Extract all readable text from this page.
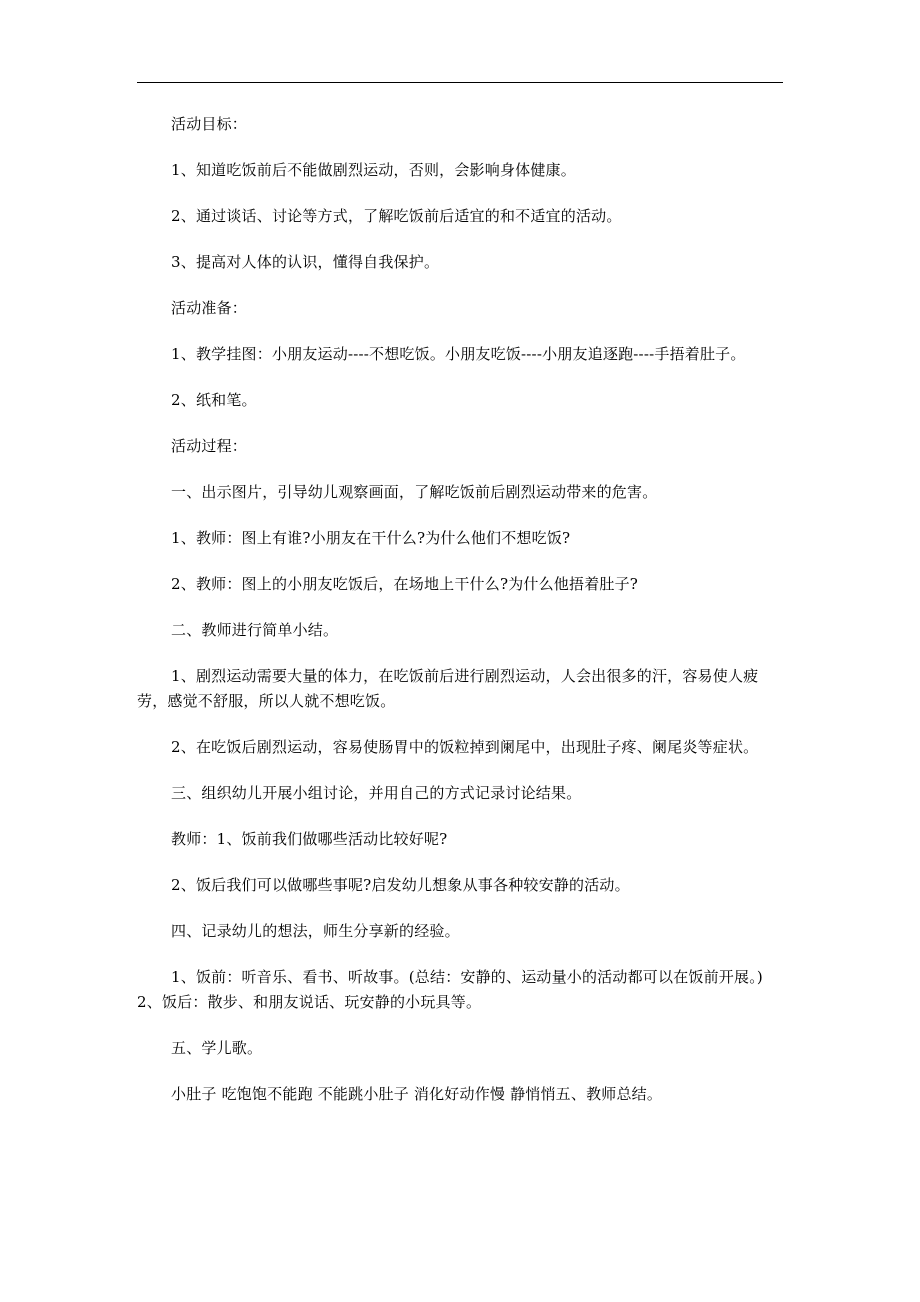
活动目标：

1、知道吃饭前后不能做剧烈运动，否则，会影响身体健康。

2、通过谈话、讨论等方式，了解吃饭前后适宜的和不适宜的活动。

3、提高对人体的认识，懂得自我保护。

活动准备：

1、教学挂图：小朋友运动----不想吃饭。小朋友吃饭----小朋友追逐跑----手捂着肚子。

2、纸和笔。

活动过程：

一、出示图片，引导幼儿观察画面，了解吃饭前后剧烈运动带来的危害。

1、教师：图上有谁?小朋友在干什么?为什么他们不想吃饭?

2、教师：图上的小朋友吃饭后，在场地上干什么?为什么他捂着肚子?

二、教师进行简单小结。

1、剧烈运动需要大量的体力，在吃饭前后进行剧烈运动，人会出很多的汗，容易使人疲劳，感觉不舒服，所以人就不想吃饭。

2、在吃饭后剧烈运动，容易使肠胃中的饭粒掉到阑尾中，出现肚子疼、阑尾炎等症状。

三、组织幼儿开展小组讨论，并用自己的方式记录讨论结果。

教师：1、饭前我们做哪些活动比较好呢?

2、饭后我们可以做哪些事呢?启发幼儿想象从事各种较安静的活动。

四、记录幼儿的想法，师生分享新的经验。

1、饭前：听音乐、看书、听故事。(总结：安静的、运动量小的活动都可以在饭前开展。)2、饭后：散步、和朋友说话、玩安静的小玩具等。

五、学儿歌。

小肚子 吃饱饱不能跑 不能跳小肚子 消化好动作慢 静悄悄五、教师总结。
